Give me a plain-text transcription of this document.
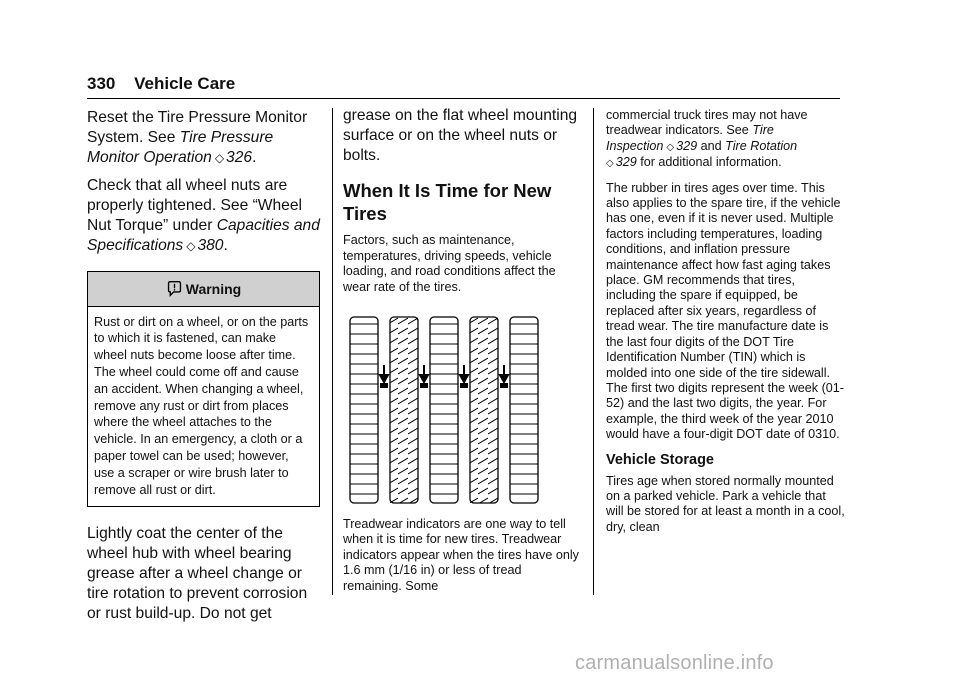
330 Vehicle Care

Reset the Tire Pressure Monitor System. See Tire Pressure Monitor Operation ◇ 326.

Check that all wheel nuts are properly tightened. See “Wheel Nut Torque” under Capacities and Specifications ◇ 380.

Warning
Rust or dirt on a wheel, or on the parts to which it is fastened, can make wheel nuts become loose after time. The wheel could come off and cause an accident. When changing a wheel, remove any rust or dirt from places where the wheel attaches to the vehicle. In an emergency, a cloth or a paper towel can be used; however, use a scraper or wire brush later to remove all rust or dirt.

Lightly coat the center of the wheel hub with wheel bearing grease after a wheel change or tire rotation to prevent corrosion or rust build-up. Do not get

grease on the flat wheel mounting surface or on the wheel nuts or bolts.

When It Is Time for New Tires

Factors, such as maintenance, temperatures, driving speeds, vehicle loading, and road conditions affect the wear rate of the tires.

Treadwear indicators are one way to tell when it is time for new tires. Treadwear indicators appear when the tires have only 1.6 mm (1/16 in) or less of tread remaining. Some

commercial truck tires may not have treadwear indicators. See Tire Inspection ◇ 329 and Tire Rotation
◇ 329 for additional information.

The rubber in tires ages over time. This also applies to the spare tire, if the vehicle has one, even if it is never used. Multiple factors including temperatures, loading conditions, and inflation pressure maintenance affect how fast aging takes place. GM recommends that tires, including the spare if equipped, be replaced after six years, regardless of tread wear. The tire manufacture date is the last four digits of the DOT Tire Identification Number (TIN) which is molded into one side of the tire sidewall. The first two digits represent the week (01-52) and the last two digits, the year. For example, the third week of the year 2010 would have a four-digit DOT date of 0310.

Vehicle Storage

Tires age when stored normally mounted on a parked vehicle. Park a vehicle that will be stored for at least a month in a cool, dry, clean

carmanualsonline.info
